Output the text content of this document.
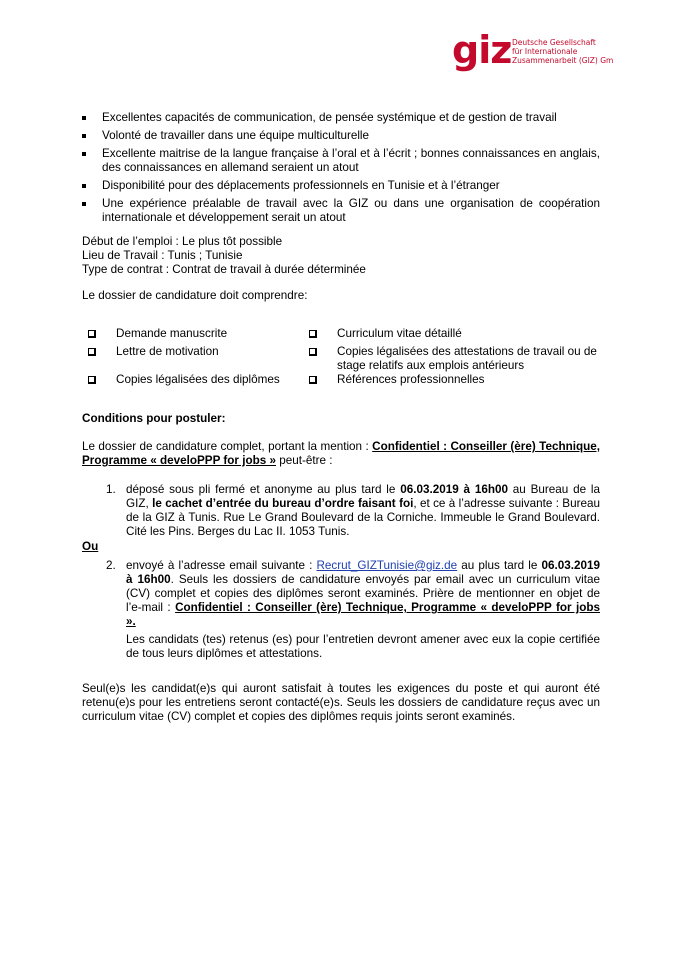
giz Deutsche Gesellschaft
für Internationale
Zusammenarbeit (GIZ) Gm
Excellentes capacités de communication, de pensée systémique et de gestion de travail
Volonté de travailler dans une équipe multiculturelle
Excellente maitrise de la langue française à l’oral et à l’écrit ; bonnes connaissances en anglais, des connaissances en allemand seraient un atout
Disponibilité pour des déplacements professionnels en Tunisie et à l’étranger
Une expérience préalable de travail avec la GIZ ou dans une organisation de coopération internationale et développement serait un atout

Début de l’emploi : Le plus tôt possible

Lieu de Travail : Tunis ; Tunisie

Type de contrat : Contrat de travail à durée déterminée

Le dossier de candidature doit comprendre:
Demande manuscrite
Lettre de motivation
Copies légalisées des diplômes
Curriculum vitae détaillé
Copies légalisées des attestations de travail ou de stage relatifs aux emplois antérieurs
Références professionnelles
Conditions pour postuler:
Le dossier de candidature complet, portant la mention : Confidentiel : Conseiller (ère) Technique, Programme « develoPPP for jobs » peut-être :
1. déposé sous pli fermé et anonyme au plus tard le 06.03.2019 à 16h00 au Bureau de la GIZ, le cachet d’entrée du bureau d’ordre faisant foi, et ce à l’adresse suivante : Bureau de la GIZ à Tunis. Rue Le Grand Boulevard de la Corniche. Immeuble le Grand Boulevard. Cité les Pins. Berges du Lac II. 1053 Tunis.
Ou
2. envoyé à l’adresse email suivante : Recrut_GIZTunisie@giz.de au plus tard le 06.03.2019 à 16h00. Seuls les dossiers de candidature envoyés par email avec un curriculum vitae (CV) complet et copies des diplômes seront examinés. Prière de mentionner en objet de l’e-mail : Confidentiel : Conseiller (ère) Technique, Programme « develoPPP for jobs ».
Les candidats (tes) retenus (es) pour l’entretien devront amener avec eux la copie certifiée de tous leurs diplômes et attestations.
Seul(e)s les candidat(e)s qui auront satisfait à toutes les exigences du poste et qui auront été retenu(e)s pour les entretiens seront contacté(e)s. Seuls les dossiers de candidature reçus avec un curriculum vitae (CV) complet et copies des diplômes requis joints seront examinés.
